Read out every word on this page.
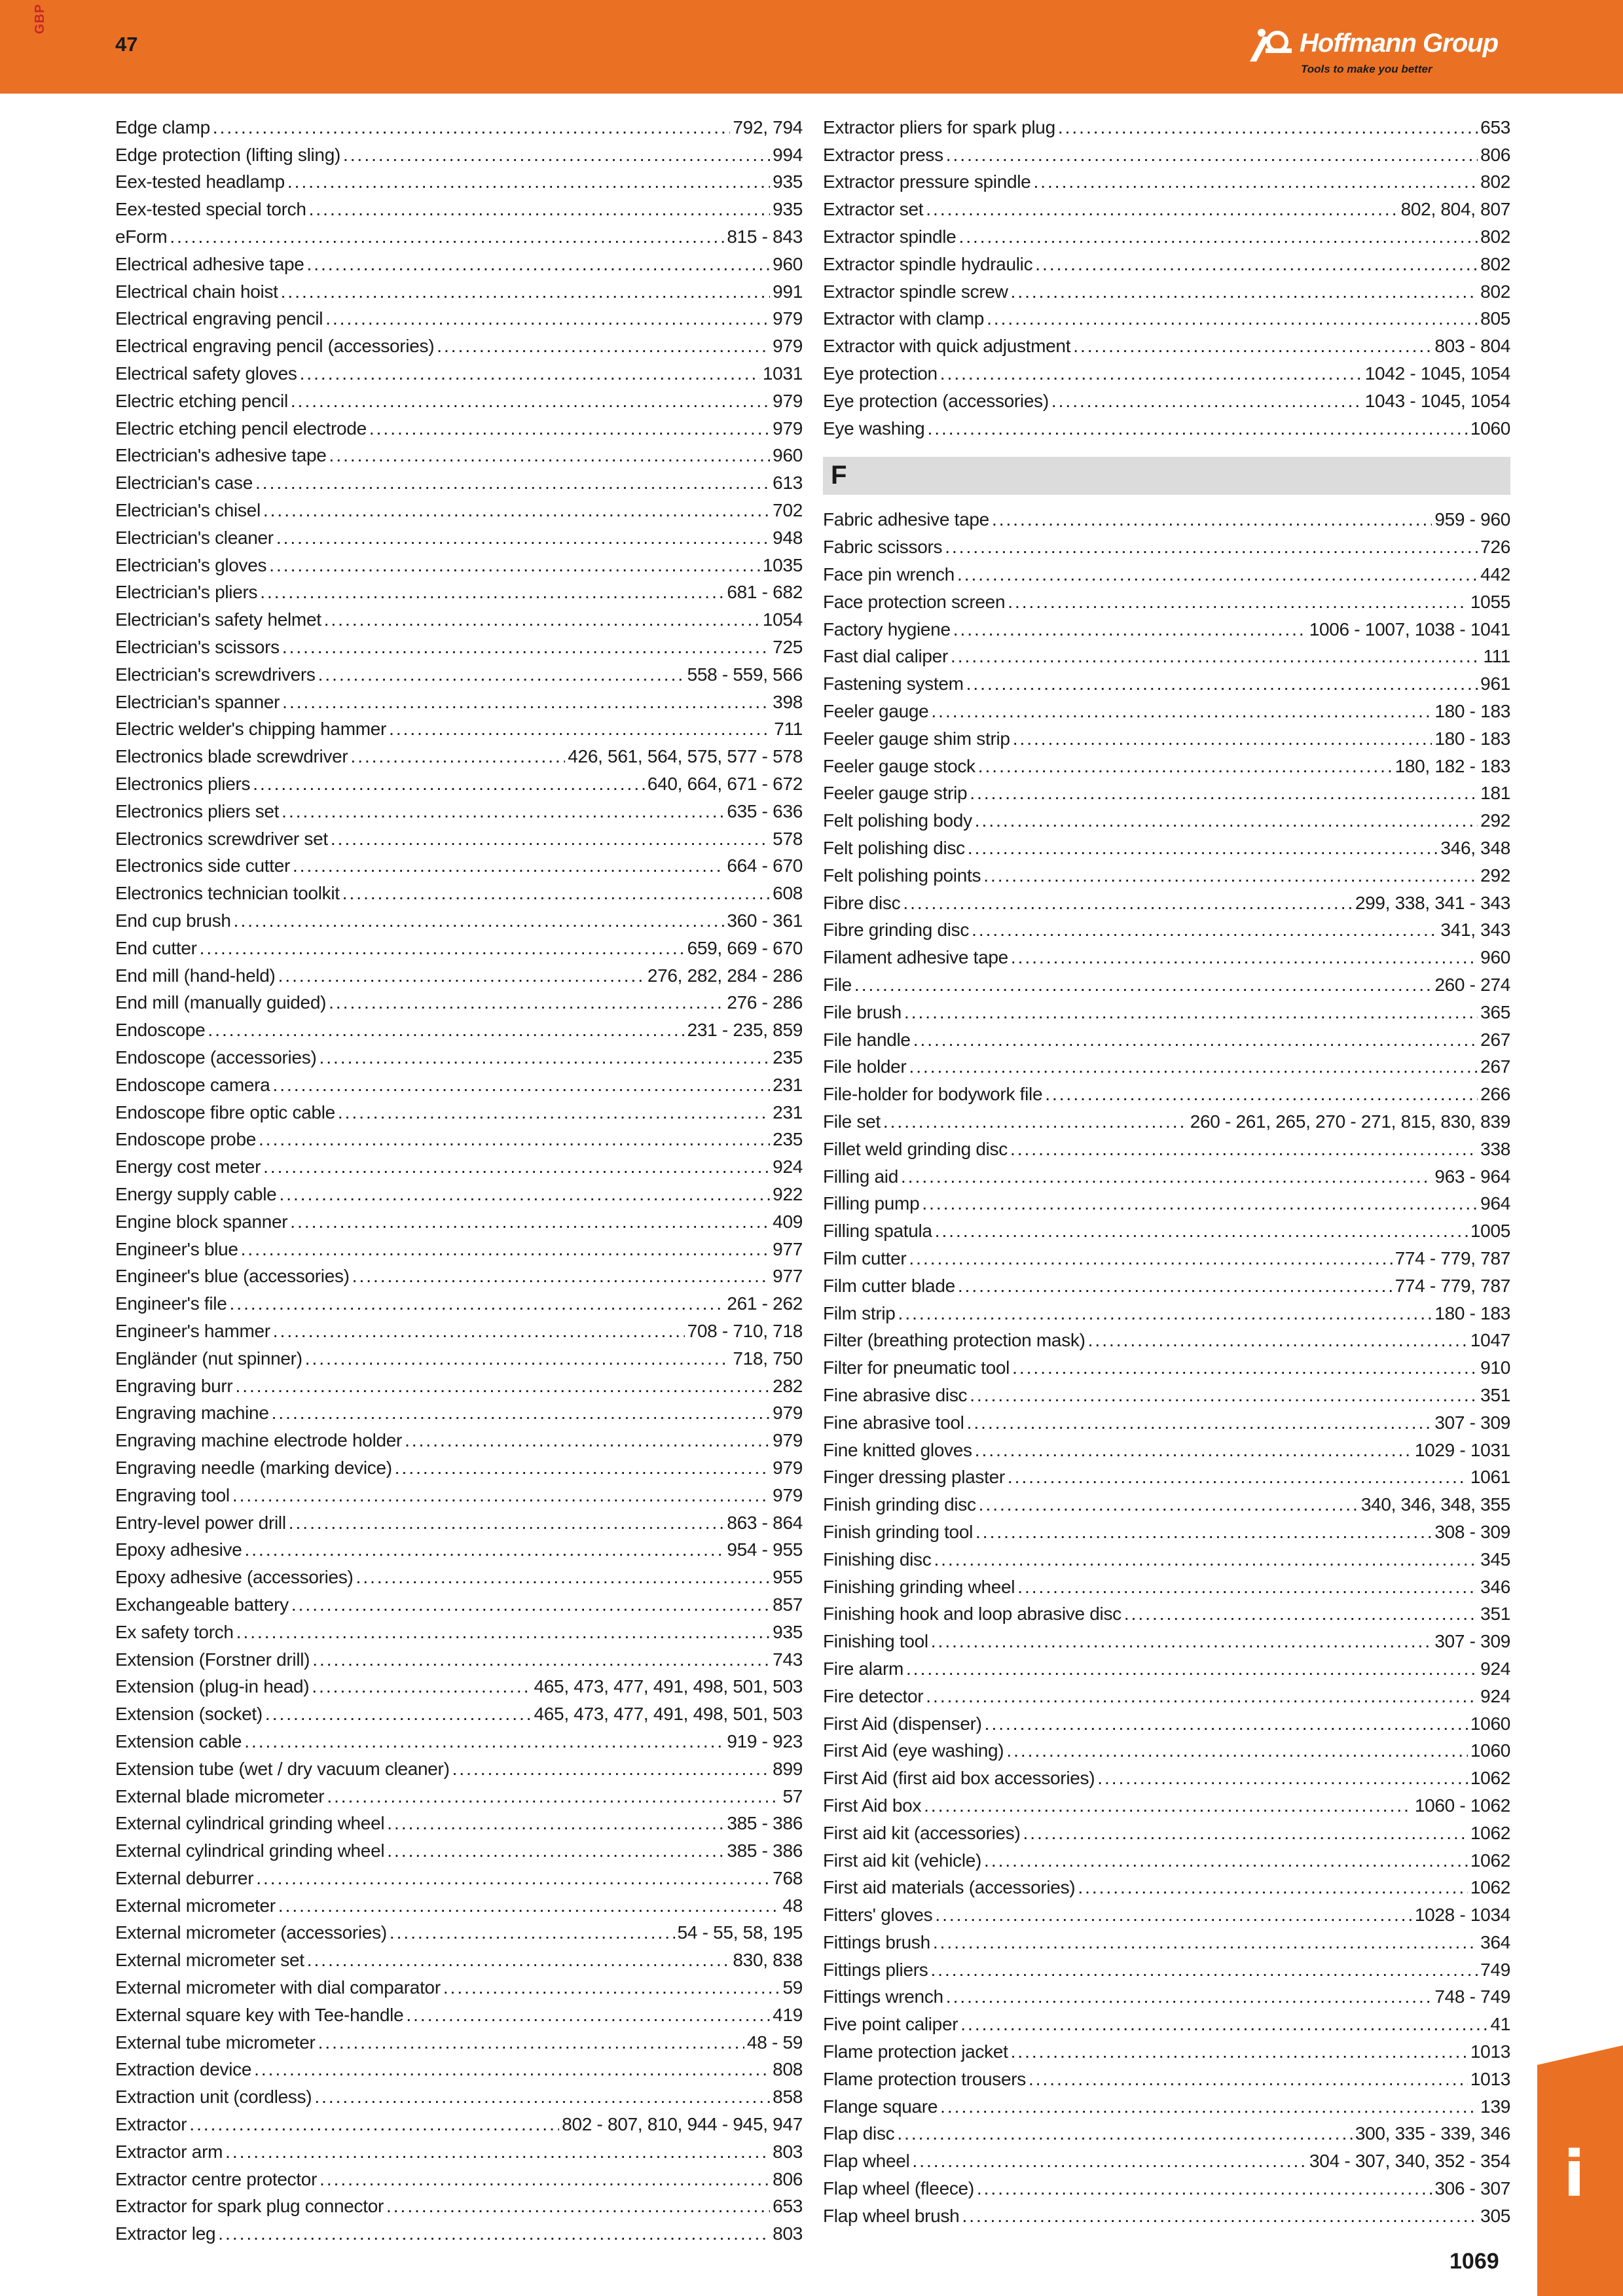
GBP
47	Hoffmann Group
Tools to make you better
Edge clamp .....	792, 794
Edge protection (lifting sling) .....	994
Eex-tested headlamp .....	935
Eex-tested special torch .....	935
eForm .....	815 - 843
Electrical adhesive tape .....	960
Electrical chain hoist .....	991
Electrical engraving pencil .....	979
Electrical engraving pencil (accessories) .....	979
Electrical safety gloves .....	1031
Electric etching pencil .....	979
Electric etching pencil electrode .....	979
Electrician's adhesive tape .....	960
Electrician's case .....	613
Electrician's chisel .....	702
Electrician's cleaner .....	948
Electrician's gloves .....	1035
Electrician's pliers .....	681 - 682
Electrician's safety helmet .....	1054
Electrician's scissors .....	725
Electrician's screwdrivers .....	558 - 559, 566
Electrician's spanner .....	398
Electric welder's chipping hammer .....	711
Electronics blade screwdriver .....	426, 561, 564, 575, 577 - 578
Electronics pliers .....	640, 664, 671 - 672
Electronics pliers set .....	635 - 636
Electronics screwdriver set .....	578
Electronics side cutter .....	664 - 670
Electronics technician toolkit .....	608
End cup brush .....	360 - 361
End cutter .....	659, 669 - 670
End mill (hand-held) .....	276, 282, 284 - 286
End mill (manually guided) .....	276 - 286
Endoscope .....	231 - 235, 859
Endoscope (accessories) .....	235
Endoscope camera .....	231
Endoscope fibre optic cable .....	231
Endoscope probe .....	235
Energy cost meter .....	924
Energy supply cable .....	922
Engine block spanner .....	409
Engineer's blue .....	977
Engineer's blue (accessories) .....	977
Engineer's file .....	261 - 262
Engineer's hammer .....	708 - 710, 718
Engländer (nut spinner) .....	718, 750
Engraving burr .....	282
Engraving machine .....	979
Engraving machine electrode holder .....	979
Engraving needle (marking device) .....	979
Engraving tool .....	979
Entry-level power drill .....	863 - 864
Epoxy adhesive .....	954 - 955
Epoxy adhesive (accessories) .....	955
Exchangeable battery .....	857
Ex safety torch .....	935
Extension (Forstner drill) .....	743
Extension (plug-in head) .....	465, 473, 477, 491, 498, 501, 503
Extension (socket) .....	465, 473, 477, 491, 498, 501, 503
Extension cable .....	919 - 923
Extension tube (wet / dry vacuum cleaner) .....	899
External blade micrometer .....	57
External cylindrical grinding wheel .....	385 - 386
External cylindrical grinding wheel .....	385 - 386
External deburrer .....	768
External micrometer .....	48
External micrometer (accessories) .....	54 - 55, 58, 195
External micrometer set .....	830, 838
External micrometer with dial comparator .....	59
External square key with Tee-handle .....	419
External tube micrometer .....	48 - 59
Extraction device .....	808
Extraction unit (cordless) .....	858
Extractor .....	802 - 807, 810, 944 - 945, 947
Extractor arm .....	803
Extractor centre protector .....	806
Extractor for spark plug connector .....	653
Extractor leg .....	803
Extractor pliers for spark plug .....	653
Extractor press .....	806
Extractor pressure spindle .....	802
Extractor set .....	802, 804, 807
Extractor spindle .....	802
Extractor spindle hydraulic .....	802
Extractor spindle screw .....	802
Extractor with clamp .....	805
Extractor with quick adjustment .....	803 - 804
Eye protection .....	1042 - 1045, 1054
Eye protection (accessories) .....	1043 - 1045, 1054
Eye washing .....	1060
F
Fabric adhesive tape .....	959 - 960
Fabric scissors .....	726
Face pin wrench .....	442
Face protection screen .....	1055
Factory hygiene .....	1006 - 1007, 1038 - 1041
Fast dial caliper .....	111
Fastening system .....	961
Feeler gauge .....	180 - 183
Feeler gauge shim strip .....	180 - 183
Feeler gauge stock .....	180, 182 - 183
Feeler gauge strip .....	181
Felt polishing body .....	292
Felt polishing disc .....	346, 348
Felt polishing points .....	292
Fibre disc .....	299, 338, 341 - 343
Fibre grinding disc .....	341, 343
Filament adhesive tape .....	960
File .....	260 - 274
File brush .....	365
File handle .....	267
File holder .....	267
File-holder for bodywork file .....	266
File set .....	260 - 261, 265, 270 - 271, 815, 830, 839
Fillet weld grinding disc .....	338
Filling aid .....	963 - 964
Filling pump .....	964
Filling spatula .....	1005
Film cutter .....	774 - 779, 787
Film cutter blade .....	774 - 779, 787
Film strip .....	180 - 183
Filter (breathing protection mask) .....	1047
Filter for pneumatic tool .....	910
Fine abrasive disc .....	351
Fine abrasive tool .....	307 - 309
Fine knitted gloves .....	1029 - 1031
Finger dressing plaster .....	1061
Finish grinding disc .....	340, 346, 348, 355
Finish grinding tool .....	308 - 309
Finishing disc .....	345
Finishing grinding wheel .....	346
Finishing hook and loop abrasive disc .....	351
Finishing tool .....	307 - 309
Fire alarm .....	924
Fire detector .....	924
First Aid (dispenser) .....	1060
First Aid (eye washing) .....	1060
First Aid (first aid box accessories) .....	1062
First Aid box .....	1060 - 1062
First aid kit (accessories) .....	1062
First aid kit (vehicle) .....	1062
First aid materials (accessories) .....	1062
Fitters' gloves .....	1028 - 1034
Fittings brush .....	364
Fittings pliers .....	749
Fittings wrench .....	748 - 749
Five point caliper .....	41
Flame protection jacket .....	1013
Flame protection trousers .....	1013
Flange square .....	139
Flap disc .....	300, 335 - 339, 346
Flap wheel .....	304 - 307, 340, 352 - 354
Flap wheel (fleece) .....	306 - 307
Flap wheel brush .....	305
i
1069
